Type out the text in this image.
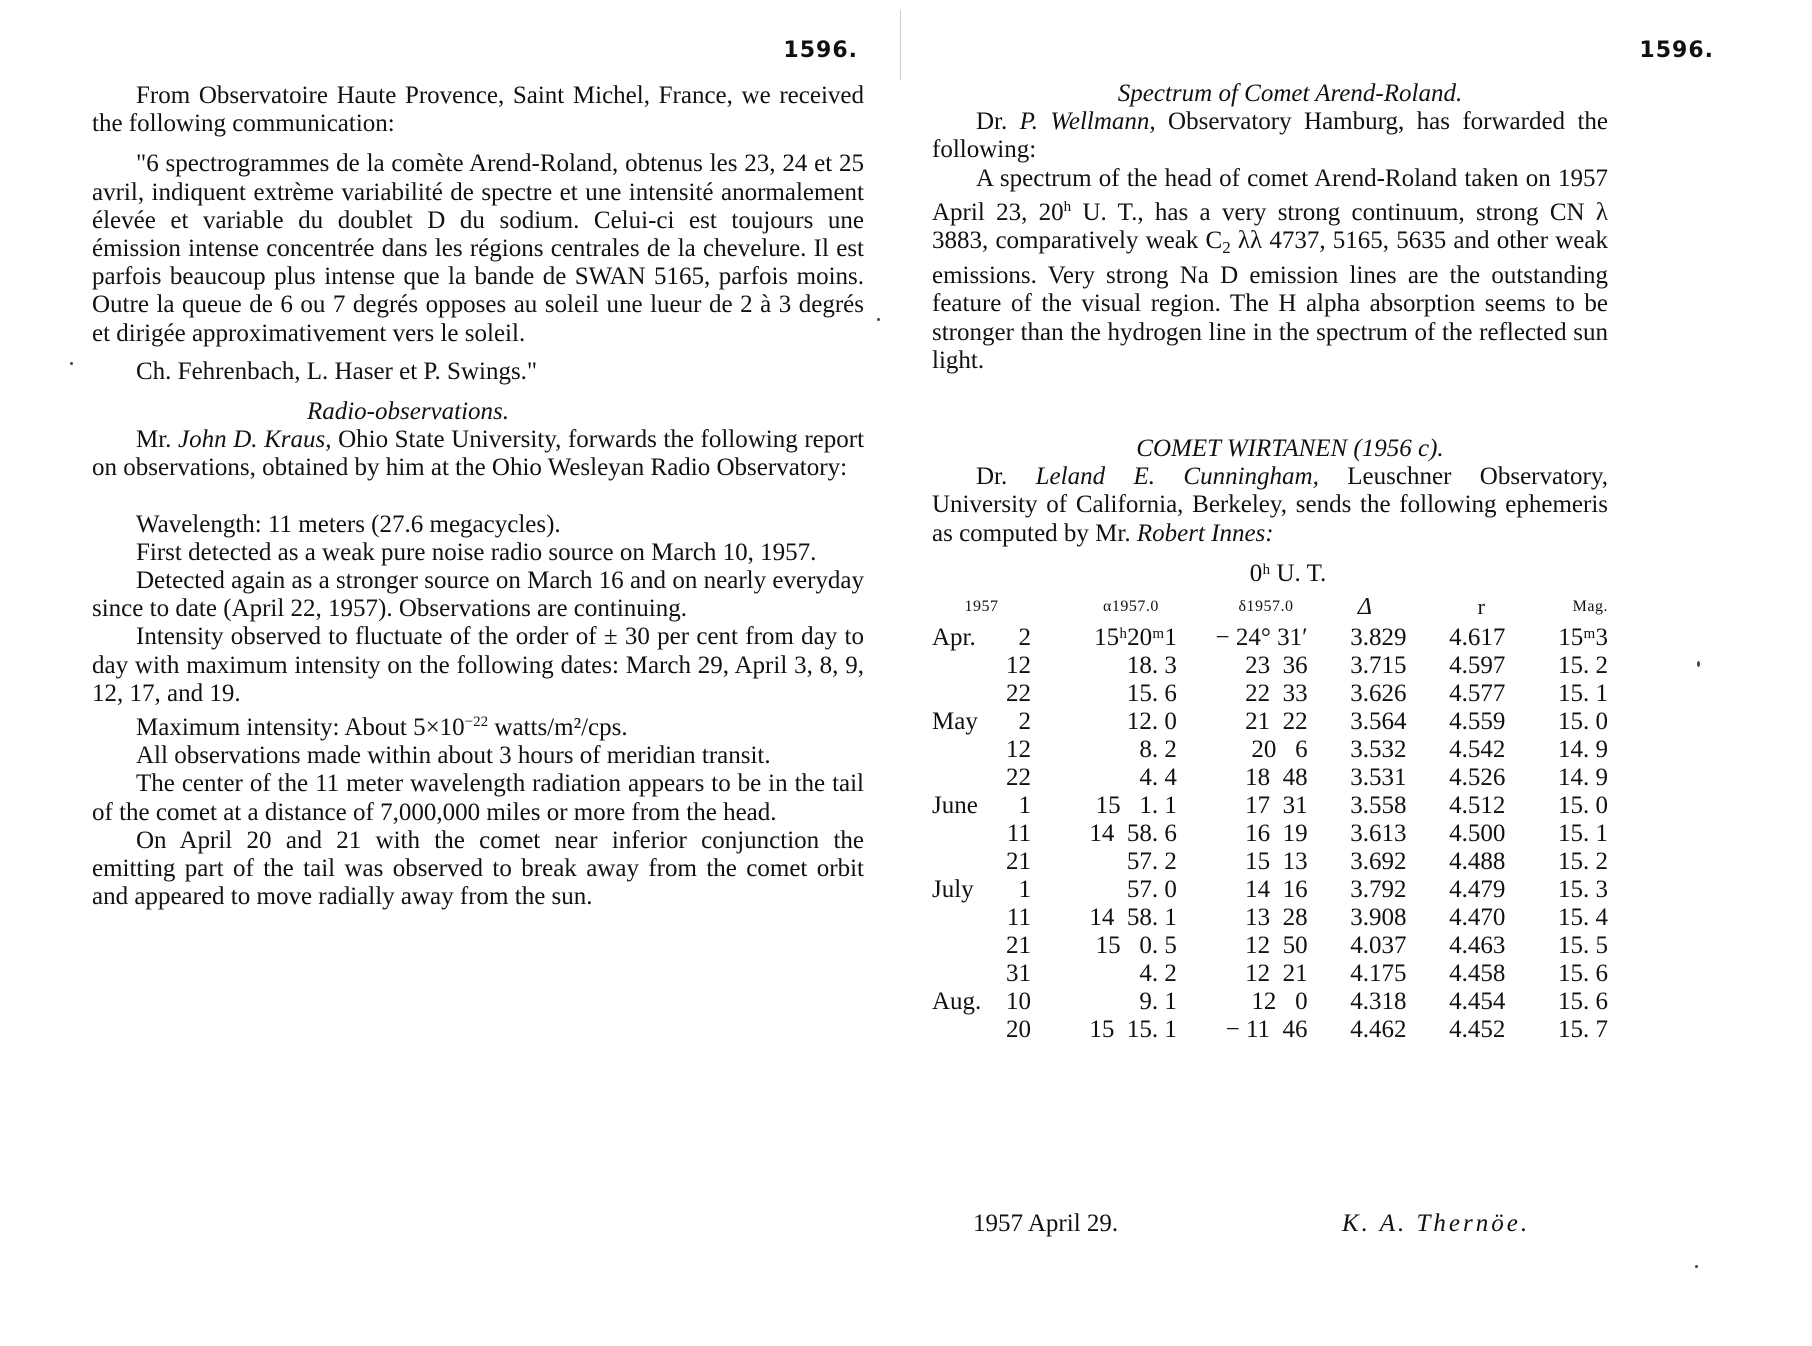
1596.

From Observatoire Haute Provence, Saint Michel, France, we received the following communication:

"6 spectrogrammes de la comète Arend-Roland, obtenus les 23, 24 et 25 avril, indiquent extrème variabilité de spectre et une intensité anormalement élevée et variable du doublet D du sodium. Celui-ci est toujours une émission intense concentrée dans les régions centrales de la chevelure. Il est parfois beaucoup plus intense que la bande de SWAN 5165, parfois moins. Outre la queue de 6 ou 7 degrés opposes au soleil une lueur de 2 à 3 degrés et dirigée approximativement vers le soleil.

Ch. Fehrenbach, L. Haser et P. Swings."

Radio-observations.

Mr. John D. Kraus, Ohio State University, forwards the following report on observations, obtained by him at the Ohio Wesleyan Radio Observatory:

Wavelength: 11 meters (27.6 megacycles).

First detected as a weak pure noise radio source on March 10, 1957.

Detected again as a stronger source on March 16 and on nearly everyday since to date (April 22, 1957). Observations are continuing.

Intensity observed to fluctuate of the order of ± 30 per cent from day to day with maximum intensity on the following dates: March 29, April 3, 8, 9, 12, 17, and 19.

Maximum intensity: About $5\times 10^{-22}$ watts/m²/cps.

All observations made within about 3 hours of meridian transit.

The center of the 11 meter wavelength radiation appears to be in the tail of the comet at a distance of 7,000,000 miles or more from the head.

On April 20 and 21 with the comet near inferior conjunction the emitting part of the tail was observed to break away from the comet orbit and appeared to move radially away from the sun.

1596.

Spectrum of Comet Arend-Roland.

Dr. P. Wellmann, Observatory Hamburg, has forwarded the following:

A spectrum of the head of comet Arend-Roland taken on 1957 April 23, 20$^h$ U. T., has a very strong continuum, strong CN λ 3883, comparatively weak $C_2$ λλ 4737, 5165, 5635 and other weak emissions. Very strong Na D emission lines are the outstanding feature of the visual region. The H alpha absorption seems to be stronger than the hydrogen line in the spectrum of the reflected sun light.

COMET WIRTANEN (1956 c).

Dr. Leland E. Cunningham, Leuschner Observatory, University of California, Berkeley, sends the following ephemeris as computed by Mr. Robert Innes:

0ʰ U. T.
1957		α1957.0	δ1957.0	Δ	r	Mag.
Apr.	2	15ʰ20ᵐ1	− 24° 31′	3.829	4.617	15ᵐ3
	12	18. 3	23  36	3.715	4.597	15. 2
	22	15. 6	22  33	3.626	4.577	15. 1
May	2	12. 0	21  22	3.564	4.559	15. 0
	12	8. 2	20   6	3.532	4.542	14. 9
	22	4. 4	18  48	3.531	4.526	14. 9
June	1	15   1. 1	17  31	3.558	4.512	15. 0
	11	14  58. 6	16  19	3.613	4.500	15. 1
	21	57. 2	15  13	3.692	4.488	15. 2
July	1	57. 0	14  16	3.792	4.479	15. 3
	11	14  58. 1	13  28	3.908	4.470	15. 4
	21	15   0. 5	12  50	4.037	4.463	15. 5
	31	4. 2	12  21	4.175	4.458	15. 6
Aug.	10	9. 1	12   0	4.318	4.454	15. 6
	20	15  15. 1	− 11  46	4.462	4.452	15. 7
1957 April 29.	K. A. Thernöe.
